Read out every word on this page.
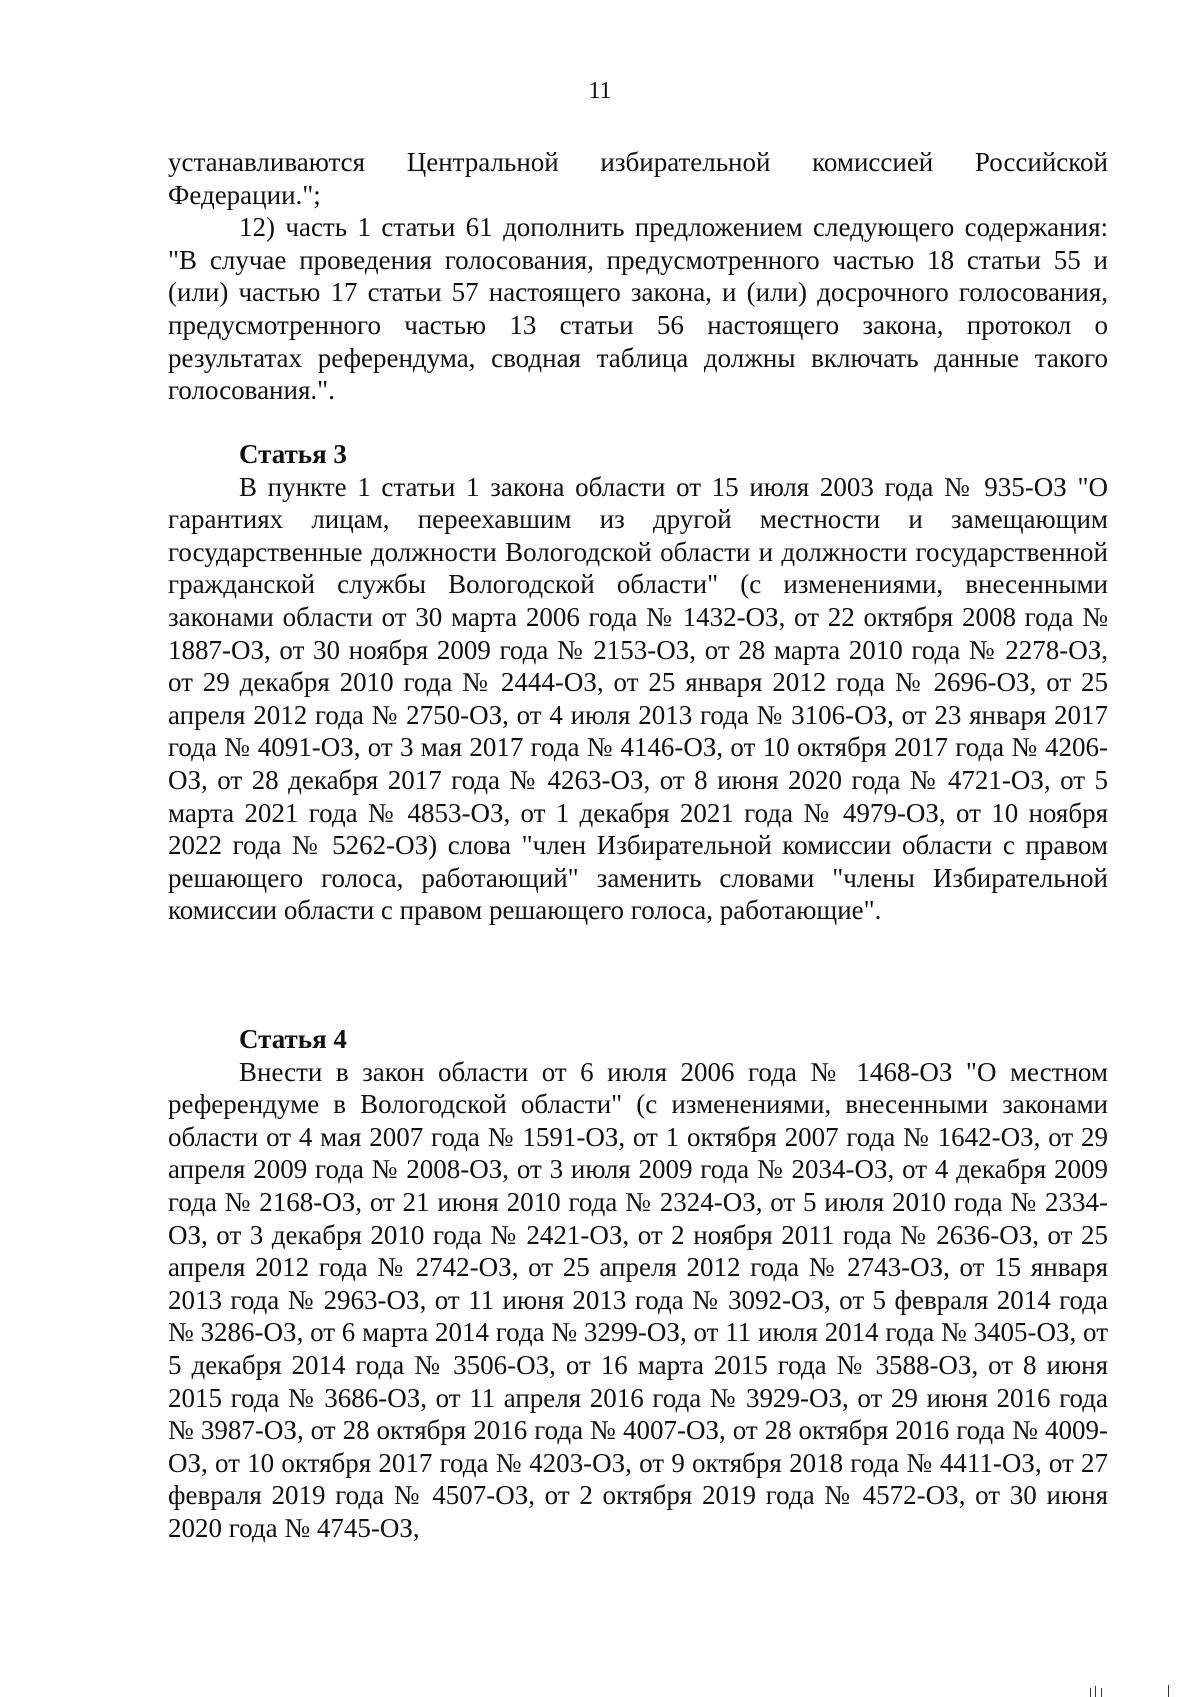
11

устанавливаются Центральной избирательной комиссией Российской Федерации.";

12) часть 1 статьи 61 дополнить предложением следующего содержания: "В случае проведения голосования, предусмотренного частью 18 статьи 55 и (или) частью 17 статьи 57 настоящего закона, и (или) досрочного голосования, предусмотренного частью 13 статьи 56 настоящего закона, протокол о результатах референдума, сводная таблица должны включать данные такого голосования.".

Статья 3

В пункте 1 статьи 1 закона области от 15 июля 2003 года № 935-ОЗ "О гарантиях лицам, переехавшим из другой местности и замещающим государственные должности Вологодской области и должности государственной гражданской службы Вологодской области" (с изменениями, внесенными законами области от 30 марта 2006 года № 1432-ОЗ, от 22 октября 2008 года № 1887-ОЗ, от 30 ноября 2009 года № 2153-ОЗ, от 28 марта 2010 года № 2278-ОЗ, от 29 декабря 2010 года № 2444-ОЗ, от 25 января 2012 года № 2696-ОЗ, от 25 апреля 2012 года № 2750-ОЗ, от 4 июля 2013 года № 3106-ОЗ, от 23 января 2017 года № 4091-ОЗ, от 3 мая 2017 года № 4146-ОЗ, от 10 октября 2017 года № 4206-ОЗ, от 28 декабря 2017 года № 4263-ОЗ, от 8 июня 2020 года № 4721-ОЗ, от 5 марта 2021 года № 4853-ОЗ, от 1 декабря 2021 года № 4979-ОЗ, от 10 ноября 2022 года № 5262-ОЗ) слова "член Избирательной комиссии области с правом решающего голоса, работающий" заменить словами "члены Избирательной комиссии области с правом решающего голоса, работающие".

Статья 4

Внести в закон области от 6 июля 2006 года № 1468-ОЗ "О местном референдуме в Вологодской области" (с изменениями, внесенными законами области от 4 мая 2007 года № 1591-ОЗ, от 1 октября 2007 года № 1642-ОЗ, от 29 апреля 2009 года № 2008-ОЗ, от 3 июля 2009 года № 2034-ОЗ, от 4 декабря 2009 года № 2168-ОЗ, от 21 июня 2010 года № 2324-ОЗ, от 5 июля 2010 года № 2334-ОЗ, от 3 декабря 2010 года № 2421-ОЗ, от 2 ноября 2011 года № 2636-ОЗ, от 25 апреля 2012 года № 2742-ОЗ, от 25 апреля 2012 года № 2743-ОЗ, от 15 января 2013 года № 2963-ОЗ, от 11 июня 2013 года № 3092-ОЗ, от 5 февраля 2014 года № 3286-ОЗ, от 6 марта 2014 года № 3299-ОЗ, от 11 июля 2014 года № 3405-ОЗ, от 5 декабря 2014 года № 3506-ОЗ, от 16 марта 2015 года № 3588-ОЗ, от 8 июня 2015 года № 3686-ОЗ, от 11 апреля 2016 года № 3929-ОЗ, от 29 июня 2016 года № 3987-ОЗ, от 28 октября 2016 года № 4007-ОЗ, от 28 октября 2016 года № 4009-ОЗ, от 10 октября 2017 года № 4203-ОЗ, от 9 октября 2018 года № 4411-ОЗ, от 27 февраля 2019 года № 4507-ОЗ, от 2 октября 2019 года № 4572-ОЗ, от 30 июня 2020 года № 4745-ОЗ,
